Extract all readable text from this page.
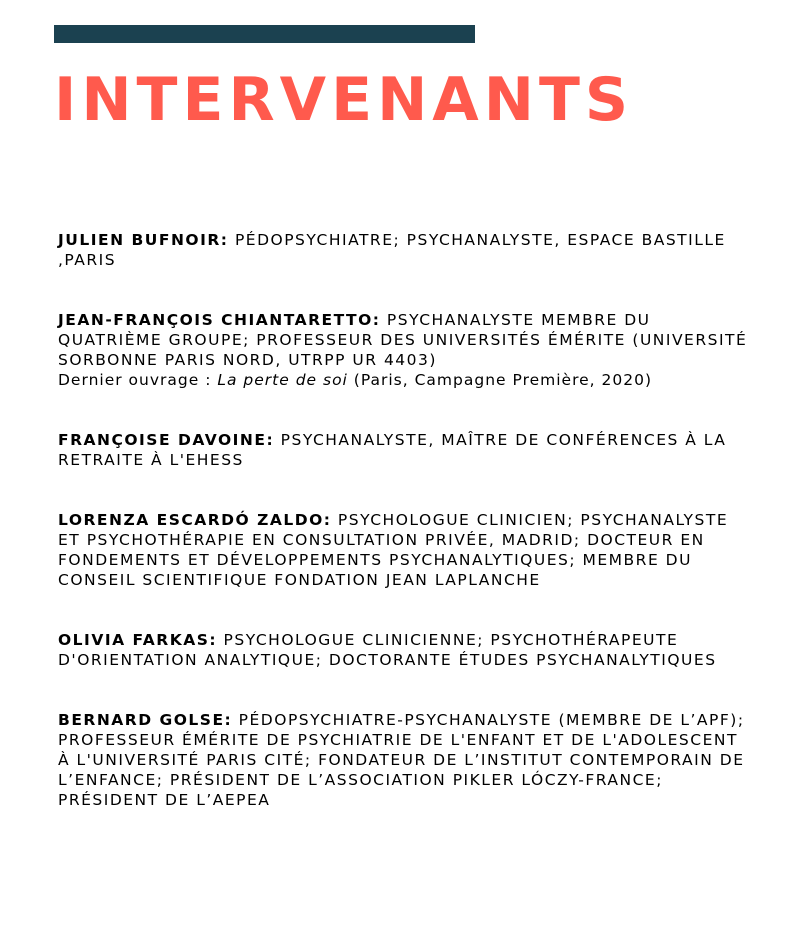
INTERVENANTS

JULIEN BUFNOIR: PÉDOPSYCHIATRE; PSYCHANALYSTE, ESPACE BASTILLE ,PARIS

JEAN-FRANÇOIS CHIANTARETTO: PSYCHANALYSTE MEMBRE DU QUATRIÈME GROUPE; PROFESSEUR DES UNIVERSITÉS ÉMÉRITE (UNIVERSITÉ SORBONNE PARIS NORD, UTRPP UR 4403)

Dernier ouvrage : La perte de soi (Paris, Campagne Première, 2020)

FRANÇOISE DAVOINE: PSYCHANALYSTE, MAÎTRE DE CONFÉRENCES À LA RETRAITE À L'EHESS

LORENZA ESCARDÓ ZALDO: PSYCHOLOGUE CLINICIEN; PSYCHANALYSTE ET PSYCHOTHÉRAPIE EN CONSULTATION PRIVÉE, MADRID; DOCTEUR EN FONDEMENTS ET DÉVELOPPEMENTS PSYCHANALYTIQUES; MEMBRE DU CONSEIL SCIENTIFIQUE FONDATION JEAN LAPLANCHE

OLIVIA FARKAS: PSYCHOLOGUE CLINICIENNE; PSYCHOTHÉRAPEUTE D'ORIENTATION ANALYTIQUE; DOCTORANTE ÉTUDES PSYCHANALYTIQUES

BERNARD GOLSE: PÉDOPSYCHIATRE-PSYCHANALYSTE (MEMBRE DE L’APF); PROFESSEUR ÉMÉRITE DE PSYCHIATRIE DE L'ENFANT ET DE L'ADOLESCENT À L'UNIVERSITÉ PARIS CITÉ; FONDATEUR DE L’INSTITUT CONTEMPORAIN DE L’ENFANCE; PRÉSIDENT DE L’ASSOCIATION PIKLER LÓCZY-FRANCE; PRÉSIDENT DE L’AEPEA
